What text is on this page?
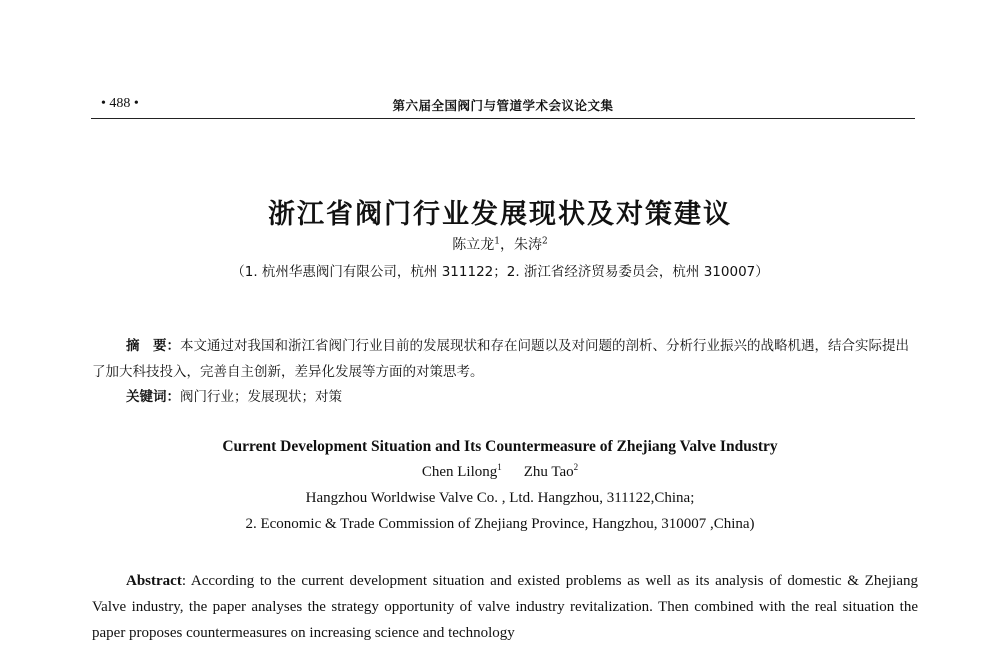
• 488 •	第六届全国阀门与管道学术会议论文集
浙江省阀门行业发展现状及对策建议
陈立龙$^1$，朱涛$^2$
（1. 杭州华惠阀门有限公司，杭州 311122；2. 浙江省经济贸易委员会，杭州 310007）
摘　要：本文通过对我国和浙江省阀门行业目前的发展现状和存在问题以及对问题的剖析、分析行业振兴的战略机遇，结合实际提出了加大科技投入，完善自主创新，差异化发展等方面的对策思考。
关键词：阀门行业；发展现状；对策
Current Development Situation and Its Countermeasure of Zhejiang Valve Industry
Chen Lilong$^1$ Zhu Tao$^2$
Hangzhou Worldwise Valve Co. , Ltd. Hangzhou, 311122,China;
2. Economic & Trade Commission of Zhejiang Province, Hangzhou, 310007 ,China)
Abstract: According to the current development situation and existed problems as well as its analysis of domestic & Zhejiang Valve industry, the paper analyses the strategy opportunity of valve industry revitalization. Then combined with the real situation the paper proposes countermeasures on increasing science and technology
